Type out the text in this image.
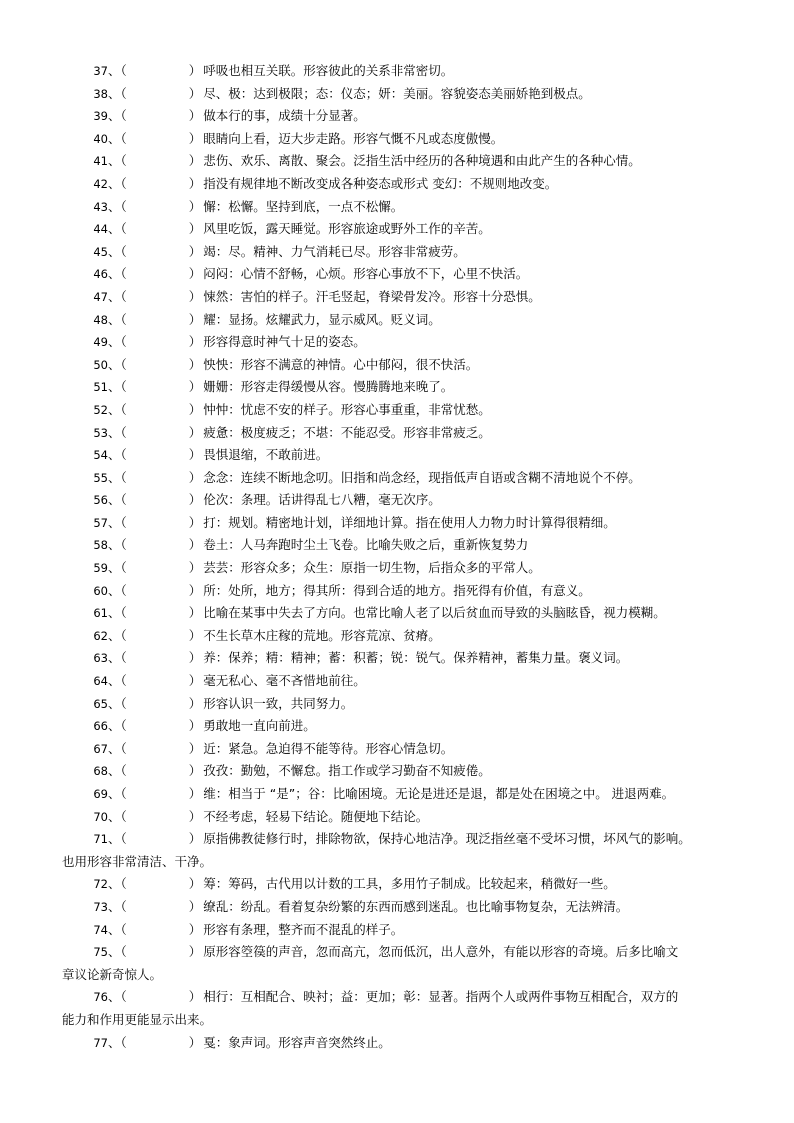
37、（	） 呼吸也相互关联。形容彼此的关系非常密切。
38、（	） 尽、极：达到极限；态：仪态；妍：美丽。容貌姿态美丽娇艳到极点。
39、（	） 做本行的事，成绩十分显著。
40、（	） 眼睛向上看，迈大步走路。形容气慨不凡或态度傲慢。
41、（	） 悲伤、欢乐、离散、聚会。泛指生活中经历的各种境遇和由此产生的各种心情。
42、（	） 指没有规律地不断改变成各种姿态或形式 变幻：不规则地改变。
43、（	） 懈：松懈。坚持到底，一点不松懈。
44、（	） 风里吃饭，露天睡觉。形容旅途或野外工作的辛苦。
45、（	） 竭：尽。精神、力气消耗已尽。形容非常疲劳。
46、（	） 闷闷：心情不舒畅，心烦。形容心事放不下，心里不快活。
47、（	） 悚然：害怕的样子。汗毛竖起，脊梁骨发冷。形容十分恐惧。
48、（	） 耀：显扬。炫耀武力，显示威风。贬义词。
49、（	） 形容得意时神气十足的姿态。
50、（	） 怏怏：形容不满意的神情。心中郁闷，很不快活。
51、（	） 姗姗：形容走得缓慢从容。慢腾腾地来晚了。
52、（	） 忡忡：忧虑不安的样子。形容心事重重，非常忧愁。
53、（	） 疲惫：极度疲乏；不堪：不能忍受。形容非常疲乏。
54、（	） 畏惧退缩，不敢前进。
55、（	） 念念：连续不断地念叨。旧指和尚念经，现指低声自语或含糊不清地说个不停。
56、（	） 伦次：条理。话讲得乱七八糟，毫无次序。
57、（	） 打：规划。精密地计划，详细地计算。指在使用人力物力时计算得很精细。
58、（	） 卷土：人马奔跑时尘土飞卷。比喻失败之后，重新恢复势力
59、（	） 芸芸：形容众多；众生：原指一切生物，后指众多的平常人。
60、（	） 所：处所，地方；得其所：得到合适的地方。指死得有价值，有意义。
61、（	） 比喻在某事中失去了方向。也常比喻人老了以后贫血而导致的头脑眩昏，视力模糊。
62、（	） 不生长草木庄稼的荒地。形容荒凉、贫瘠。
63、（	） 养：保养；精：精神；蓄：积蓄；锐：锐气。保养精神，蓄集力量。褒义词。
64、（	） 毫无私心、毫不吝惜地前往。
65、（	） 形容认识一致，共同努力。
66、（	） 勇敢地一直向前进。
67、（	） 近：紧急。急迫得不能等待。形容心情急切。
68、（	） 孜孜：勤勉，不懈怠。指工作或学习勤奋不知疲倦。
69、（	） 维：相当于 “是”；谷：比喻困境。无论是进还是退，都是处在困境之中。 进退两难。
70、（	） 不经考虑，轻易下结论。随便地下结论。
71、（	） 原指佛教徒修行时，排除物欲，保持心地洁净。现泛指丝毫不受坏习惯，坏风气的影响。
也用形容非常清洁、干净。
72、（	） 筹：筹码，古代用以计数的工具，多用竹子制成。比较起来，稍微好一些。
73、（	） 缭乱：纷乱。看着复杂纷繁的东西而感到迷乱。也比喻事物复杂，无法辨清。
74、（	） 形容有条理，整齐而不混乱的样子。
75、（	） 原形容箜篌的声音，忽而高亢，忽而低沉，出人意外，有能以形容的奇境。后多比喻文
章议论新奇惊人。
76、（	） 相行：互相配合、映衬；益：更加；彰：显著。指两个人或两件事物互相配合，双方的
能力和作用更能显示出来。
77、（	） 戛：象声词。形容声音突然终止。
